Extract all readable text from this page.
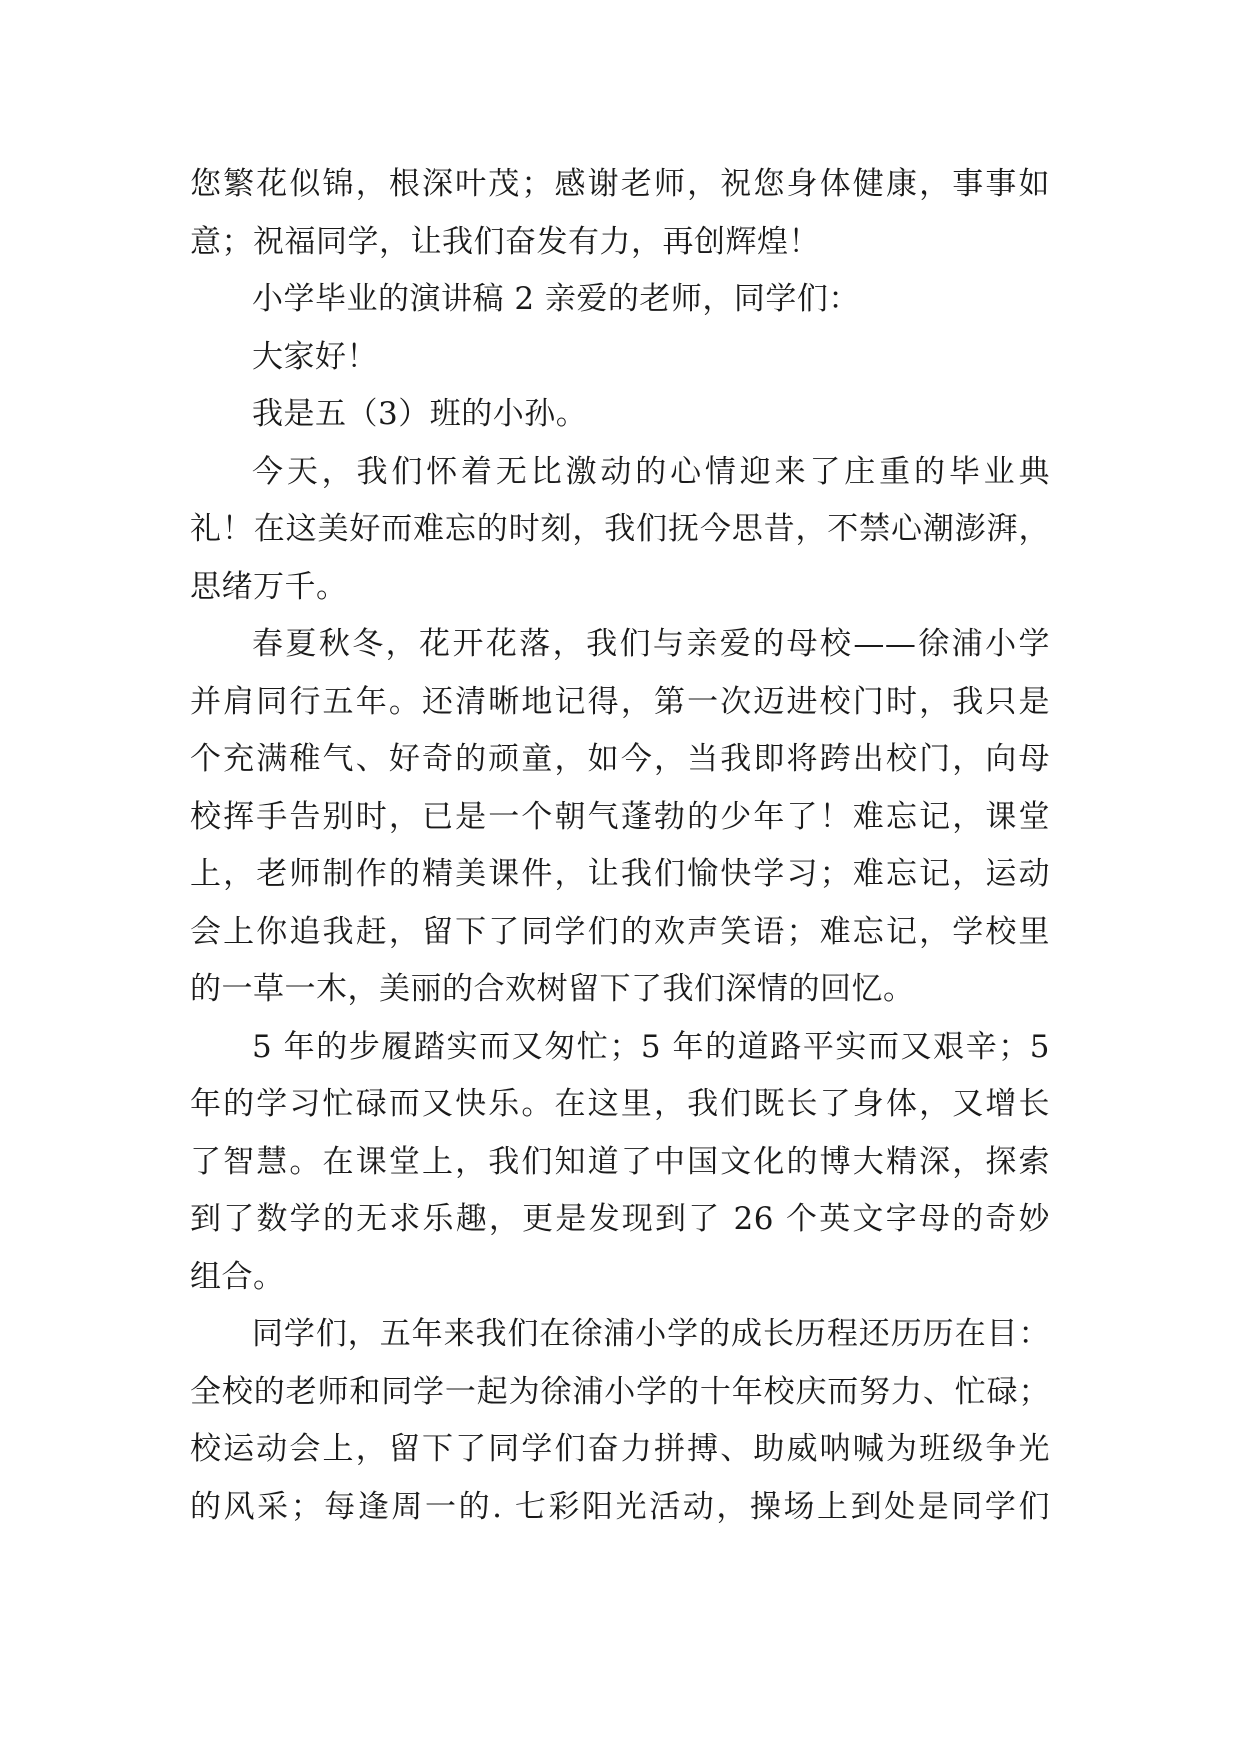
您繁花似锦，根深叶茂；感谢老师，祝您身体健康，事事如
意；祝福同学，让我们奋发有力，再创辉煌！
小学毕业的演讲稿 2 亲爱的老师，同学们：
大家好！
我是五（3）班的小孙。
今天，我们怀着无比激动的心情迎来了庄重的毕业典
礼！在这美好而难忘的时刻，我们抚今思昔，不禁心潮澎湃，
思绪万千。
春夏秋冬，花开花落，我们与亲爱的母校——徐浦小学
并肩同行五年。还清晰地记得，第一次迈进校门时，我只是
个充满稚气、好奇的顽童，如今，当我即将跨出校门，向母
校挥手告别时，已是一个朝气蓬勃的少年了！难忘记，课堂
上，老师制作的精美课件，让我们愉快学习；难忘记，运动
会上你追我赶，留下了同学们的欢声笑语；难忘记，学校里
的一草一木，美丽的合欢树留下了我们深情的回忆。
5 年的步履踏实而又匆忙；5 年的道路平实而又艰辛；5
年的学习忙碌而又快乐。在这里，我们既长了身体，又增长
了智慧。在课堂上，我们知道了中国文化的博大精深，探索
到了数学的无求乐趣，更是发现到了 26 个英文字母的奇妙
组合。
同学们，五年来我们在徐浦小学的成长历程还历历在目：
全校的老师和同学一起为徐浦小学的十年校庆而努力、忙碌；
校运动会上，留下了同学们奋力拼搏、助威呐喊为班级争光
的风采；每逢周一的. 七彩阳光活动，操场上到处是同学们
